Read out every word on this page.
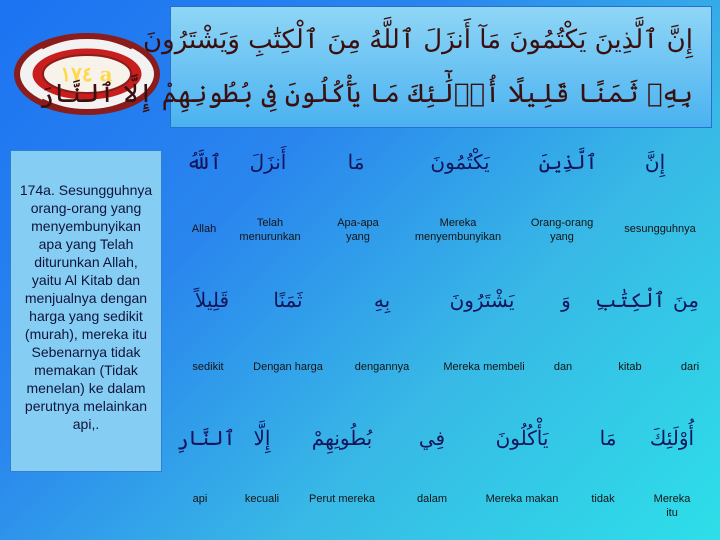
١٧٤ a
إِنَّ ٱلَّذِينَ يَكْتُمُونَ مَآ أَنزَلَ ٱللَّهُ مِنَ ٱلْكِتَٰبِ وَيَشْتَرُونَ
بِهِۦ ثَمَنًا قَلِيلًا أُو۟لَٰٓئِكَ مَا يَأْكُلُونَ فِى بُطُونِهِمْ إِلَّا ٱلنَّارَ
174a. Sesungguhnya orang-orang yang menyembunyikan apa yang Telah diturunkan Allah, yaitu Al Kitab dan menjualnya dengan harga yang sedikit (murah), mereka itu Sebenarnya tidak memakan (Tidak menelan) ke dalam perutnya melainkan api,.
إِنَّ
sesungguhnya
ٱلَّذِينَ
Orang-orang yang
يَكْتُمُونَ
Mereka menyembunyikan
مَا
Apa-apa yang
أَنزَلَ
Telah menurunkan
ٱللَّهُ
Allah
مِنَ
dari
ٱلْكِتَٰبِ
kitab
وَ
dan
يَشْتَرُونَ
Mereka membeli
بِهِ
dengannya
ثَمَنًا
Dengan harga
قَلِيلاً
sedikit
أُوْلَئِكَ
Mereka itu
مَا
tidak
يَأْكُلُونَ
Mereka makan
فِي
dalam
بُطُونِهِمْ
Perut mereka
إِلَّا
kecuali
ٱلنَّارِ
api
